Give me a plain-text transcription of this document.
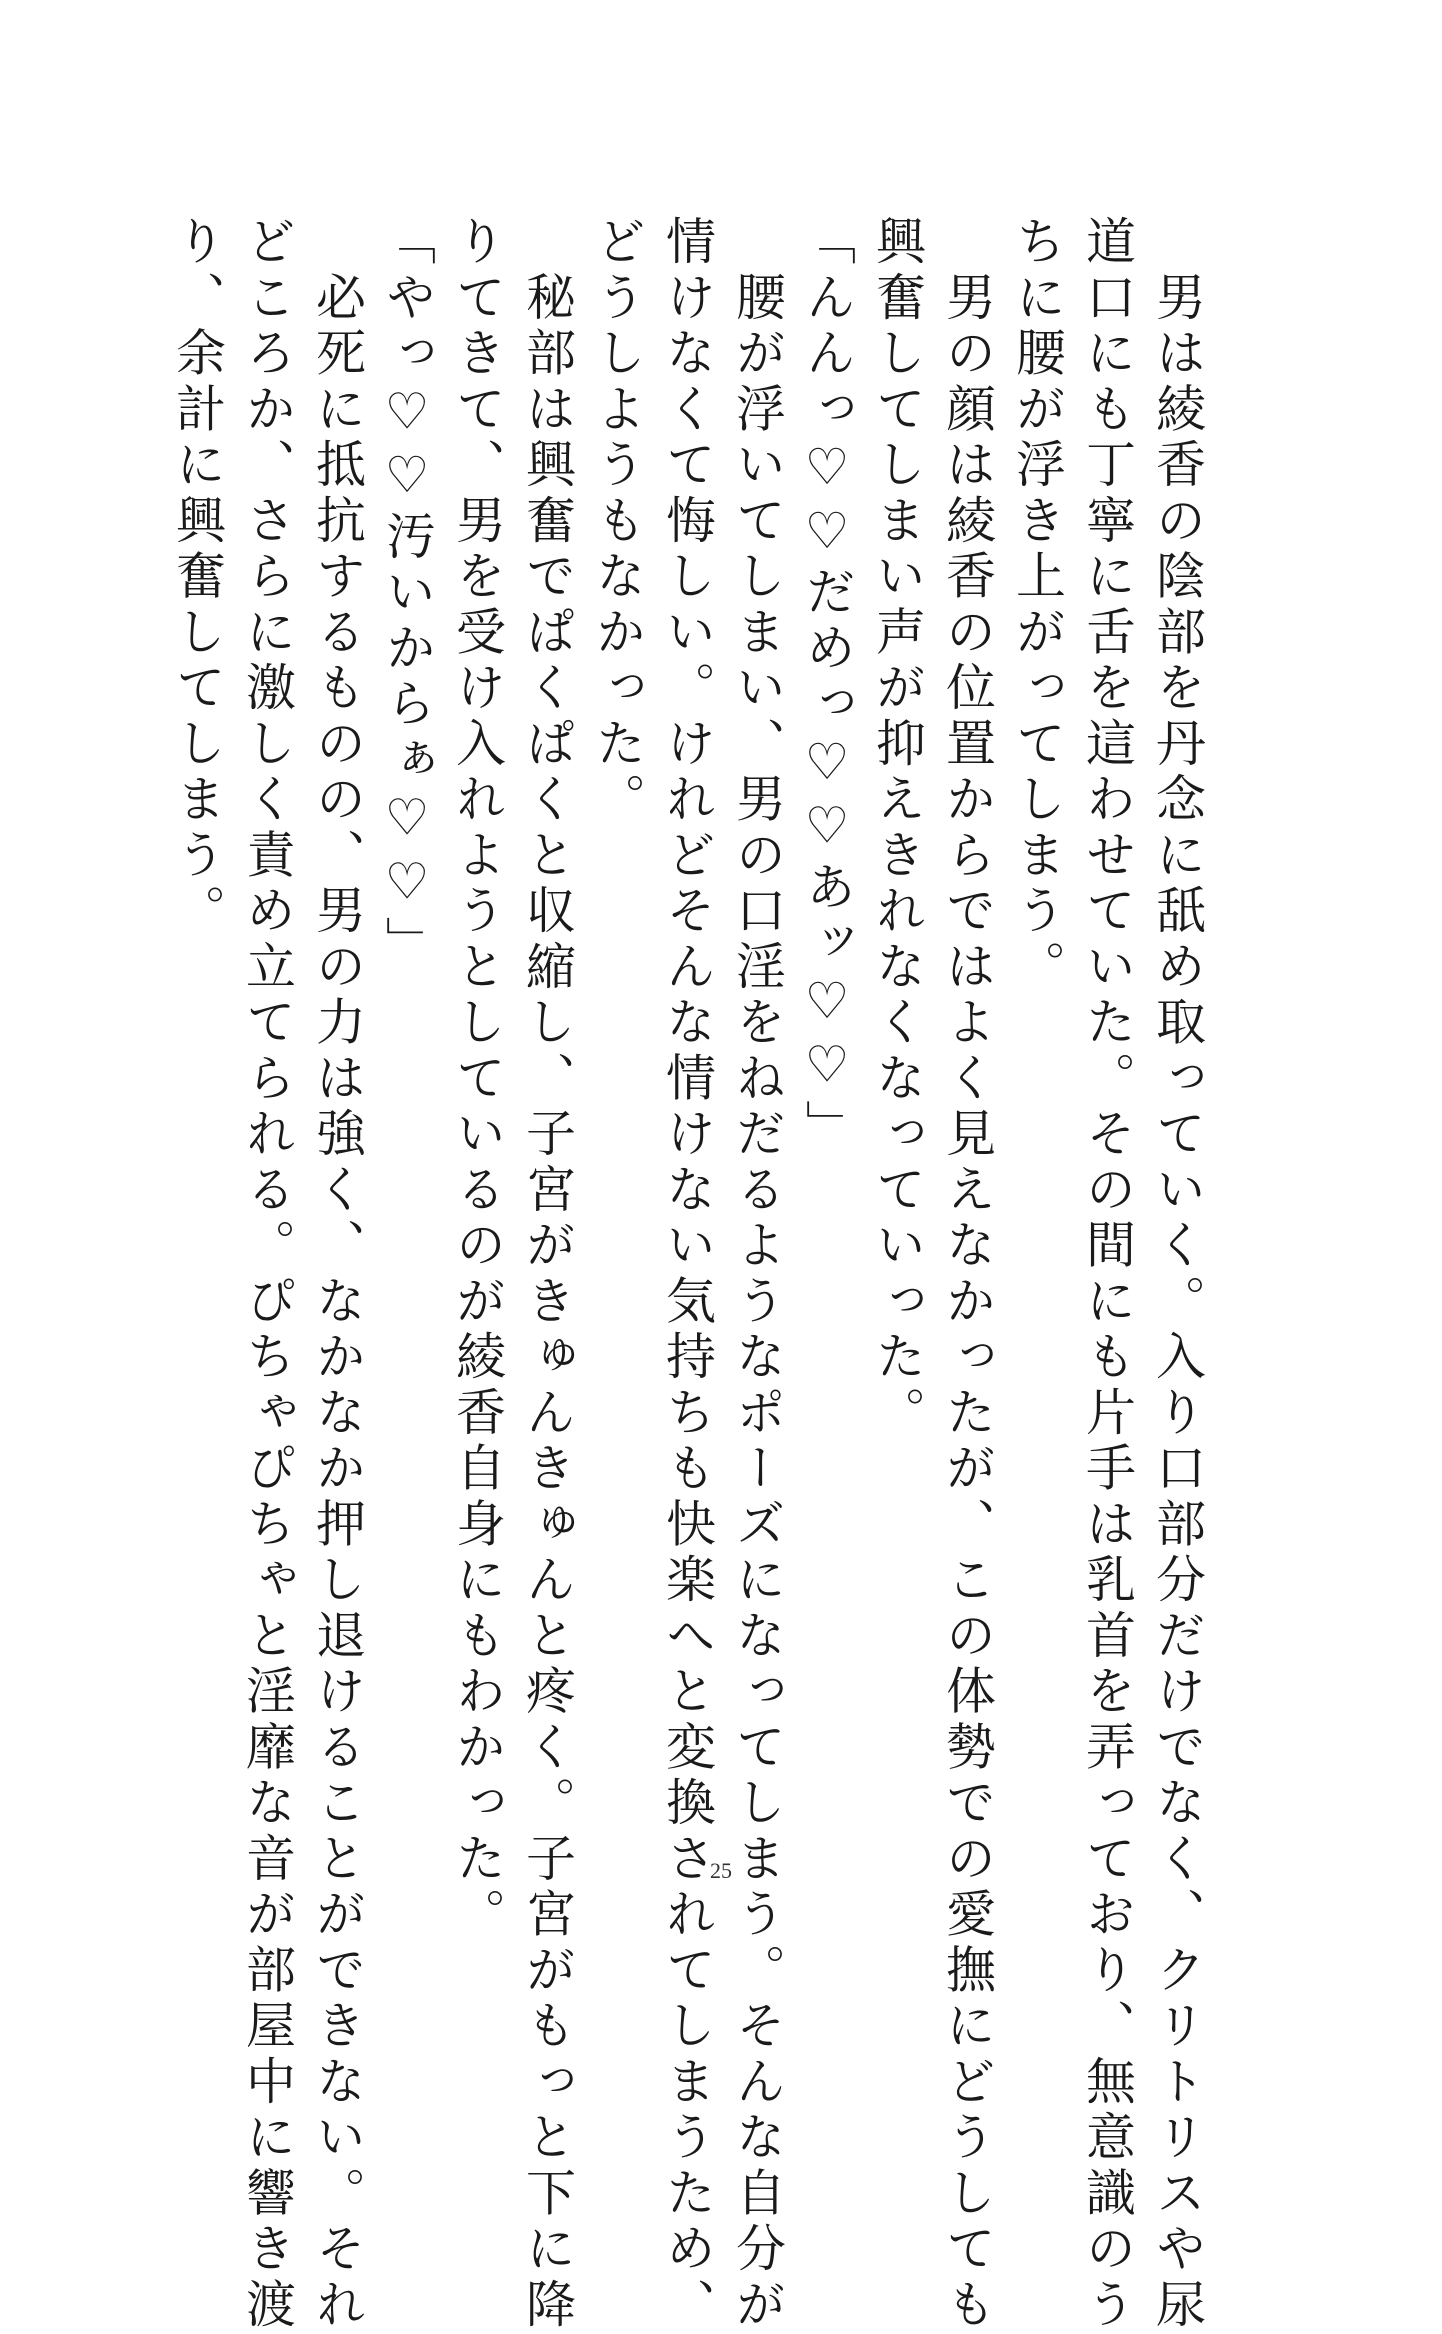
　男は綾香の陰部を丹念に舐め取っていく。入り口部分だけでなく、クリトリスや尿

道口にも丁寧に舌を這わせていた。その間にも片手は乳首を弄っており、無意識のう

ちに腰が浮き上がってしまう。

　男の顔は綾香の位置からではよく見えなかったが、この体勢での愛撫にどうしても

興奮してしまい声が抑えきれなくなっていった。

「んんっ♡♡だめっ♡♡あッ♡♡」

　腰が浮いてしまい、男の口淫をねだるようなポーズになってしまう。そんな自分が

情けなくて悔しい。けれどそんな情けない気持ちも快楽へと変換されてしまうため、

どうしようもなかった。

　秘部は興奮でぱくぱくと収縮し、子宮がきゅんきゅんと疼く。子宮がもっと下に降

りてきて、男を受け入れようとしているのが綾香自身にもわかった。

「やっ♡♡汚いからぁ♡♡」

　必死に抵抗するものの、男の力は強く、なかなか押し退けることができない。それ

どころか、さらに激しく責め立てられる。ぴちゃぴちゃと淫靡な音が部屋中に響き渡

り、余計に興奮してしまう。

25
